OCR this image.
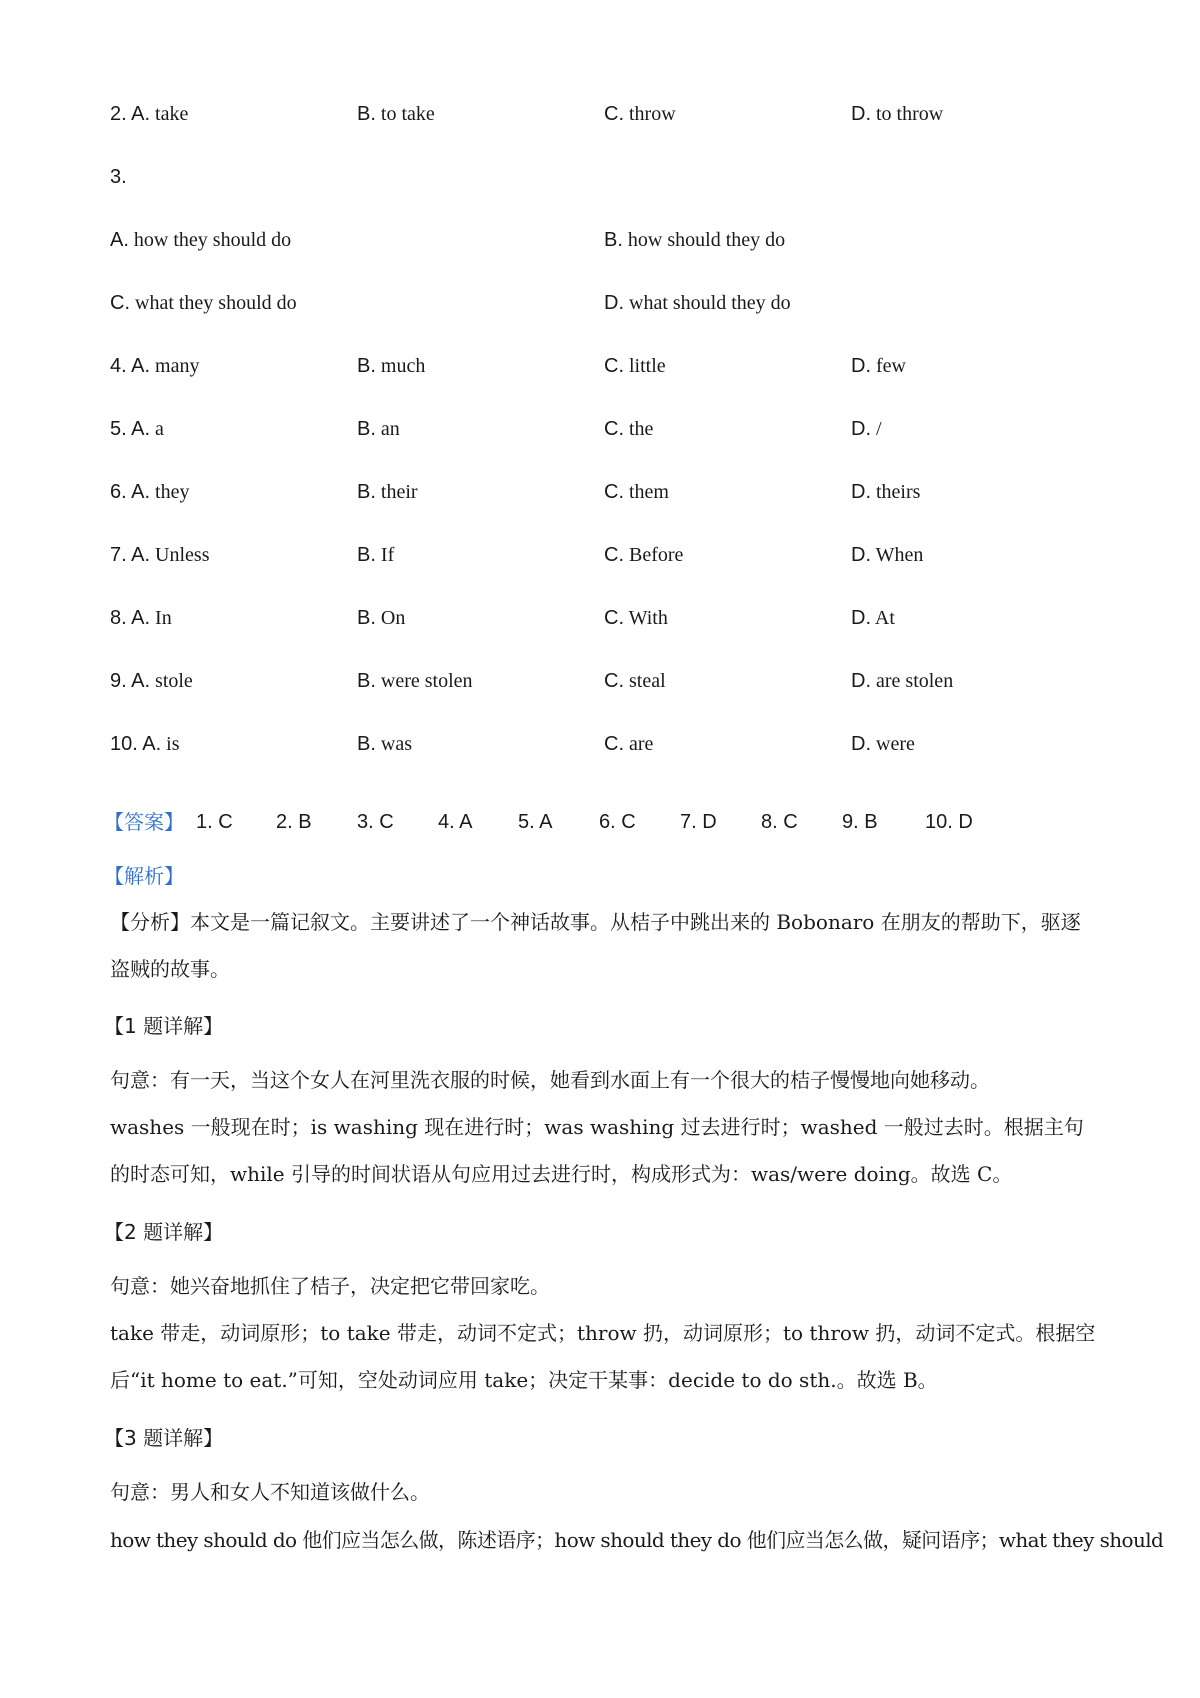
2. A. take	B. to take	C. throw	D. to throw
3.
A. how they should do	B. how should they do
C. what they should do	D. what should they do
4. A. many	B. much	C. little	D. few
5. A. a	B. an	C. the	D. /
6. A. they	B. their	C. them	D. theirs
7. A. Unless	B. If	C. Before	D. When
8. A. In	B. On	C. With	D. At
9. A. stole	B. were stolen	C. steal	D. are stolen
10. A. is	B. was	C. are	D. were
【答案】 1. C 2. B 3. C 4. A 5. A 6. C 7. D 8. C 9. B 10. D
【解析】
【分析】本文是一篇记叙文。主要讲述了一个神话故事。从桔子中跳出来的 Bobonaro 在朋友的帮助下，驱逐盗贼的故事。
【1 题详解】
句意：有一天，当这个女人在河里洗衣服的时候，她看到水面上有一个很大的桔子慢慢地向她移动。
washes 一般现在时；is washing 现在进行时；was washing 过去进行时；washed 一般过去时。根据主句的时态可知，while 引导的时间状语从句应用过去进行时，构成形式为：was/were doing。故选 C。
【2 题详解】
句意：她兴奋地抓住了桔子，决定把它带回家吃。
take 带走，动词原形；to take 带走，动词不定式；throw 扔，动词原形；to throw 扔，动词不定式。根据空后“it home to eat.”可知，空处动词应用 take；决定干某事：decide to do sth.。故选 B。
【3 题详解】
句意：男人和女人不知道该做什么。
how they should do 他们应当怎么做，陈述语序；how should they do 他们应当怎么做，疑问语序；what they should
